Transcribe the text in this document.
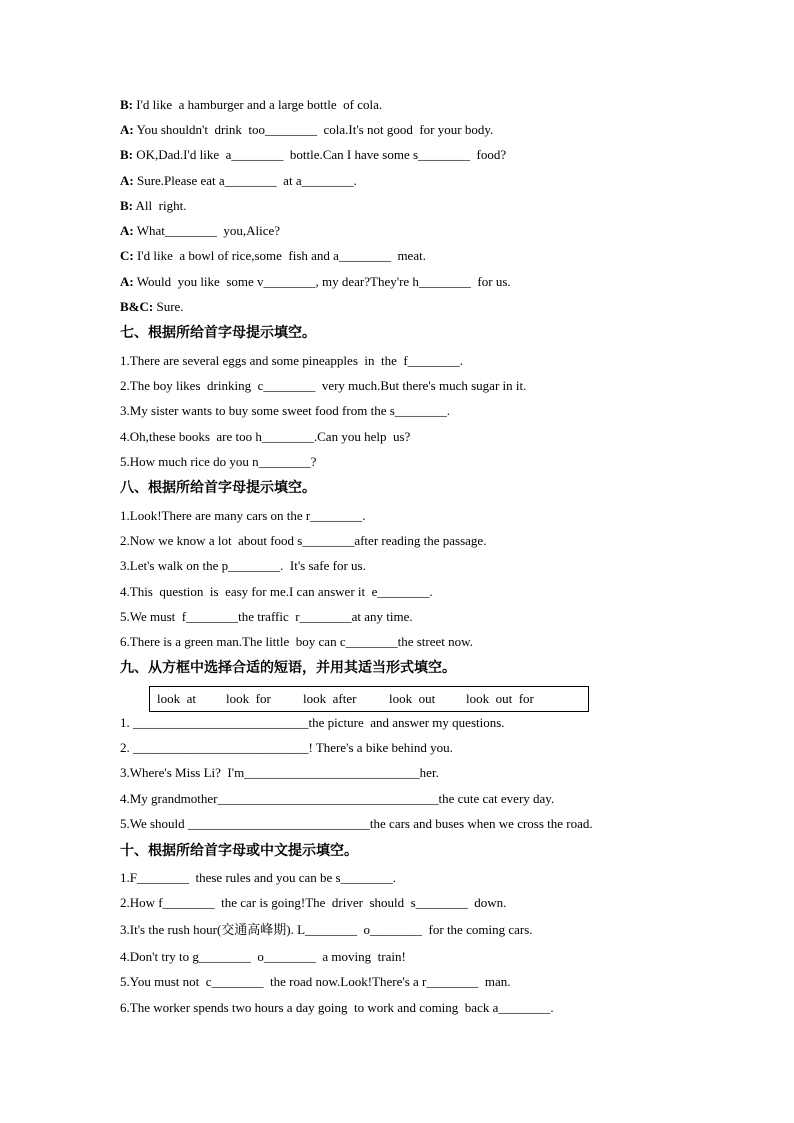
B: I'd like  a hamburger and a large bottle  of cola.
A: You shouldn't  drink  too________  cola.It's not good  for your body.
B: OK,Dad.I'd like  a________  bottle.Can I have some s________  food?
A: Sure.Please eat a________  at a________.
B: All  right.
A: What________  you,Alice?
C: I'd like  a bowl of rice,some  fish and a________  meat.
A: Would  you like  some v________, my dear?They're h________  for us.
B&C: Sure.
七、根据所给首字母提示填空。
1.There are several eggs and some pineapples  in  the  f________.
2.The boy likes  drinking  c________  very much.But there's much sugar in it.
3.My sister wants to buy some sweet food from the s________.
4.Oh,these books  are too h________.Can you help  us?
5.How much rice do you n________?
八、根据所给首字母提示填空。
1.Look!There are many cars on the r________.
2.Now we know a lot  about food s________after reading the passage.
3.Let's walk on the p________.  It's safe for us.
4.This  question  is  easy for me.I can answer it  e________.
5.We must  f________the traffic  r________at any time.
6.There is a green man.The little  boy can c________the street now.
九、从方框中选择合适的短语，并用其适当形式填空。
look  at look  for look  after	look  out look  out  for
1. ___________________________the picture  and answer my questions.
2. ___________________________! There's a bike behind you.
3.Where's Miss Li?  I'm___________________________her.
4.My grandmother__________________________________the cute cat every day.
5.We should ____________________________the cars and buses when we cross the road.
十、根据所给首字母或中文提示填空。
1.F________  these rules and you can be s________.
2.How f________  the car is going!The  driver  should  s________  down.
3.It's the rush hour(交通高峰期). L________  o________  for the coming cars.
4.Don't try to g________  o________  a moving  train!
5.You must not  c________  the road now.Look!There's a r________  man.
6.The worker spends two hours a day going  to work and coming  back a________.
